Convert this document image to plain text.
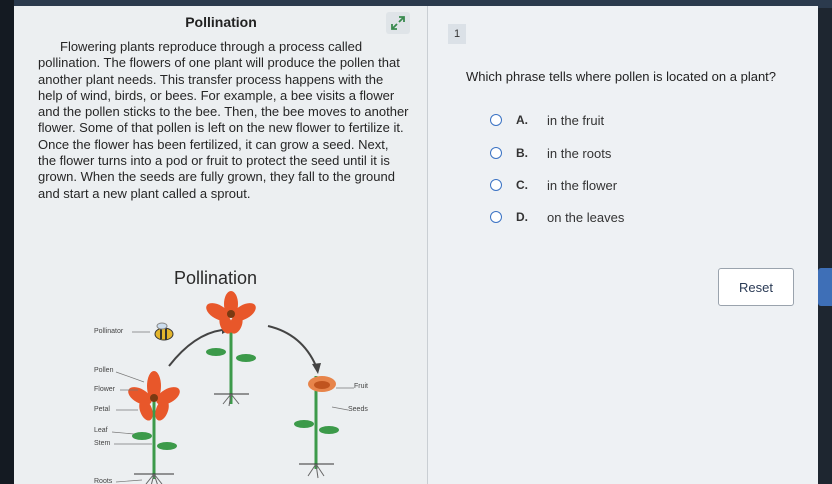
Pollination

Flowering plants reproduce through a process called pollination. The flowers of one plant will produce the pollen that another plant needs. This transfer process happens with the help of wind, birds, or bees. For example, a bee visits a flower and the pollen sticks to the bee. Then, the bee moves to another flower. Some of that pollen is left on the new flower to fertilize it. Once the flower has been fertilized, it can grow a seed. Next, the flower turns into a pod or fruit to protect the seed until it is grown. When the seeds are fully grown, they fall to the ground and start a new plant called a sprout.

Pollination
Pollinator
Pollen
Flower
Petal
Leaf
Stem
Roots
Fruit
Seeds
1
Which phrase tells where pollen is located on a plant?
A.	in the fruit
B.	in the roots
C.	in the flower
D.	on the leaves
Reset
